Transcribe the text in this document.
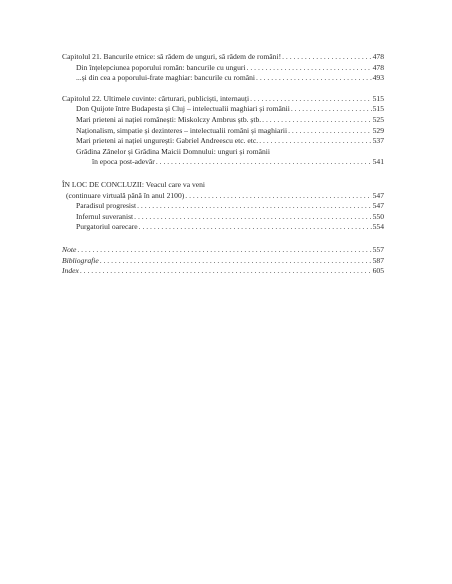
Capitolul 21. Bancurile etnice: să râdem de unguri, să râdem de români! . . .	478
Din înțelepciunea poporului român: bancurile cu unguri . . .	478
...și din cea a poporului-frate maghiar: bancurile cu români . . .	493
Capitolul 22. Ultimele cuvinte: cărturari, publiciști, internauți . . .	515
Don Quijote între Budapesta și Cluj – intelectualii maghiari și românii . . .	515
Mari prieteni ai nației românești: Miskolczy Ambrus ștb. ștb. . . .	525
Naționalism, simpatie și dezinteres – intelectualii români și maghiarii . . .	529
Mari prieteni ai nației ungurești: Gabriel Andreescu etc. etc. . . .	537
Grădina Zânelor și Grădina Maicii Domnului: unguri și românii
în epoca post-adevăr . . .	541
ÎN LOC DE CONCLUZII: Veacul care va veni
(continuare virtuală până în anul 2100) . . .	547
Paradisul progresist . . .	547
Infernul suveranist . . .	550
Purgatoriul oarecare . . .	554
Note . . .	557
Bibliografie . . .	587
Index . . .	605
